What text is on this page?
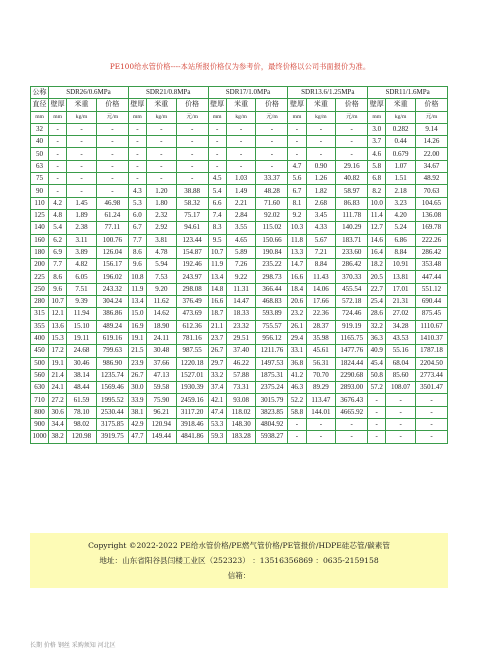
PE100给水管价格----本站所报价格仅为参考价，最终价格以公司书面报价为准。
公称	SDR26/0.6MPa			SDR21/0.8MPa			SDR17/1.0MPa			SDR13.6/1.25MPa			SDR11/1.6MPa		
直径	壁厚	米重	价格	壁厚	米重	价格	壁厚	米重	价格	壁厚	米重	价格	壁厚	米重	价格
mm	mm	kg/m	元/m	mm	kg/m	元/m	mm	kg/m	元/m	mm	kg/m	元/m	mm	kg/m	元/m
32	-	-	-	-	-	-	-	-	-	-	-	-	3.0	0.282	9.14
40	-	-	-	-	-	-	-	-	-	-	-	-	3.7	0.44	14.26
50	-	-	-	-	-	-	-	-	-	-	-	-	4.6	0.679	22.00
63	-	-	-	-	-	-	-	-	-	4.7	0.90	29.16	5.8	1.07	34.67
75	-	-	-	-	-	-	4.5	1.03	33.37	5.6	1.26	40.82	6.8	1.51	48.92
90	-	-	-	4.3	1.20	38.88	5.4	1.49	48.28	6.7	1.82	58.97	8.2	2.18	70.63
110	4.2	1.45	46.98	5.3	1.80	58.32	6.6	2.21	71.60	8.1	2.68	86.83	10.0	3.23	104.65
125	4.8	1.89	61.24	6.0	2.32	75.17	7.4	2.84	92.02	9.2	3.45	111.78	11.4	4.20	136.08
140	5.4	2.38	77.11	6.7	2.92	94.61	8.3	3.55	115.02	10.3	4.33	140.29	12.7	5.24	169.78
160	6.2	3.11	100.76	7.7	3.81	123.44	9.5	4.65	150.66	11.8	5.67	183.71	14.6	6.86	222.26
180	6.9	3.89	126.04	8.6	4.78	154.87	10.7	5.89	190.84	13.3	7.21	233.60	16.4	8.84	286.42
200	7.7	4.82	156.17	9.6	5.94	192.46	11.9	7.26	235.22	14.7	8.84	286.42	18.2	10.91	353.48
225	8.6	6.05	196.02	10.8	7.53	243.97	13.4	9.22	298.73	16.6	11.43	370.33	20.5	13.81	447.44
250	9.6	7.51	243.32	11.9	9.20	298.08	14.8	11.31	366.44	18.4	14.06	455.54	22.7	17.01	551.12
280	10.7	9.39	304.24	13.4	11.62	376.49	16.6	14.47	468.83	20.6	17.66	572.18	25.4	21.31	690.44
315	12.1	11.94	386.86	15.0	14.62	473.69	18.7	18.33	593.89	23.2	22.36	724.46	28.6	27.02	875.45
355	13.6	15.10	489.24	16.9	18.90	612.36	21.1	23.32	755.57	26.1	28.37	919.19	32.2	34.28	1110.67
400	15.3	19.11	619.16	19.1	24.11	781.16	23.7	29.51	956.12	29.4	35.98	1165.75	36.3	43.53	1410.37
450	17.2	24.68	799.63	21.5	30.48	987.55	26.7	37.40	1211.76	33.1	45.61	1477.76	40.9	55.16	1787.18
500	19.1	30.46	986.90	23.9	37.66	1220.18	29.7	46.22	1497.53	36.8	56.31	1824.44	45.4	68.04	2204.50
560	21.4	38.14	1235.74	26.7	47.13	1527.01	33.2	57.88	1875.31	41.2	70.70	2290.68	50.8	85.60	2773.44
630	24.1	48.44	1569.46	30.0	59.58	1930.39	37.4	73.31	2375.24	46.3	89.29	2893.00	57.2	108.07	3501.47
710	27.2	61.59	1995.52	33.9	75.90	2459.16	42.1	93.08	3015.79	52.2	113.47	3676.43	-	-	-
800	30.6	78.10	2530.44	38.1	96.21	3117.20	47.4	118.02	3823.85	58.8	144.01	4665.92	-	-	-
900	34.4	98.02	3175.85	42.9	120.94	3918.46	53.3	148.30	4804.92	-	-	-	-	-	-
1000	38.2	120.98	3919.75	47.7	149.44	4841.86	59.3	183.28	5938.27	-	-	-	-	-	-
Copyright ©2022-2022 PE给水管价格/PE燃气管价格/PE管报价/HDPE硅芯管/碳素管
地址：山东省阳谷县闫楼工业区（252323） ：13516356869 ：0635-2159158
信箱：
长期 价格 钢丝 采购须知 河北区
